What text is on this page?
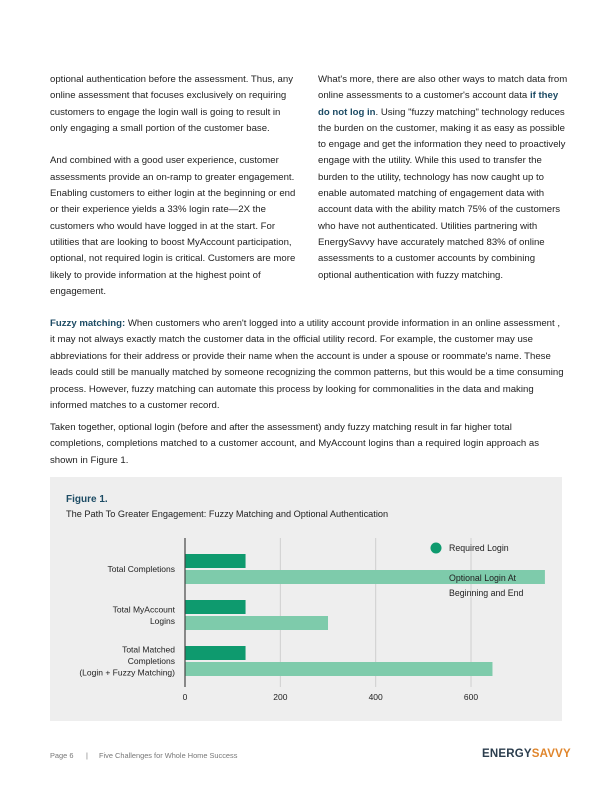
optional authentication before the assessment. Thus, any online assessment that focuses exclusively on requiring customers to engage the login wall is going to result in only engaging a small portion of the customer base.

And combined with a good user experience, customer assessments provide an on-ramp to greater engagement. Enabling customers to either login at the beginning or end or their experience yields a 33% login rate—2X the customers who would have logged in at the start. For utilities that are looking to boost MyAccount participation, optional, not required login is critical. Customers are more likely to provide information at the highest point of engagement.

What's more, there are also other ways to match data from online assessments to a customer's account data if they do not log in. Using "fuzzy matching" technology reduces the burden on the customer, making it as easy as possible to engage and get the information they need to proactively engage with the utility. While this used to transfer the burden to the utility, technology has now caught up to enable automated matching of engagement data with account data with the ability match 75% of the customers who have not authenticated. Utilities partnering with EnergySavvy have accurately matched 83% of online assessments to a customer accounts by combining optional authentication with fuzzy matching.

Fuzzy matching: When customers who aren't logged into a utility account provide information in an online assessment , it may not always exactly match the customer data in the official utility record. For example, the customer may use abbreviations for their address or provide their name when the account is under a spouse or roommate's name. These leads could still be manually matched by someone recognizing the common patterns, but this would be a time consuming process. However, fuzzy matching can automate this process by looking for commonalities in the data and making informed matches to a customer record.
Taken together, optional login (before and after the assessment) andy fuzzy matching result in far higher total completions, completions matched to a customer account, and MyAccount logins than a required login approach as shown in Figure 1.
Figure 1.
The Path To Greater Engagement: Fuzzy Matching and Optional Authentication
0	200	400	600
Total Completions
Total MyAccount
Logins
Total Matched
Completions
(Login + Fuzzy Matching)
Required Login
Optional Login At
Beginning and End
Page 6 | Five Challenges for Whole Home Success	ENERGYSAVVY
